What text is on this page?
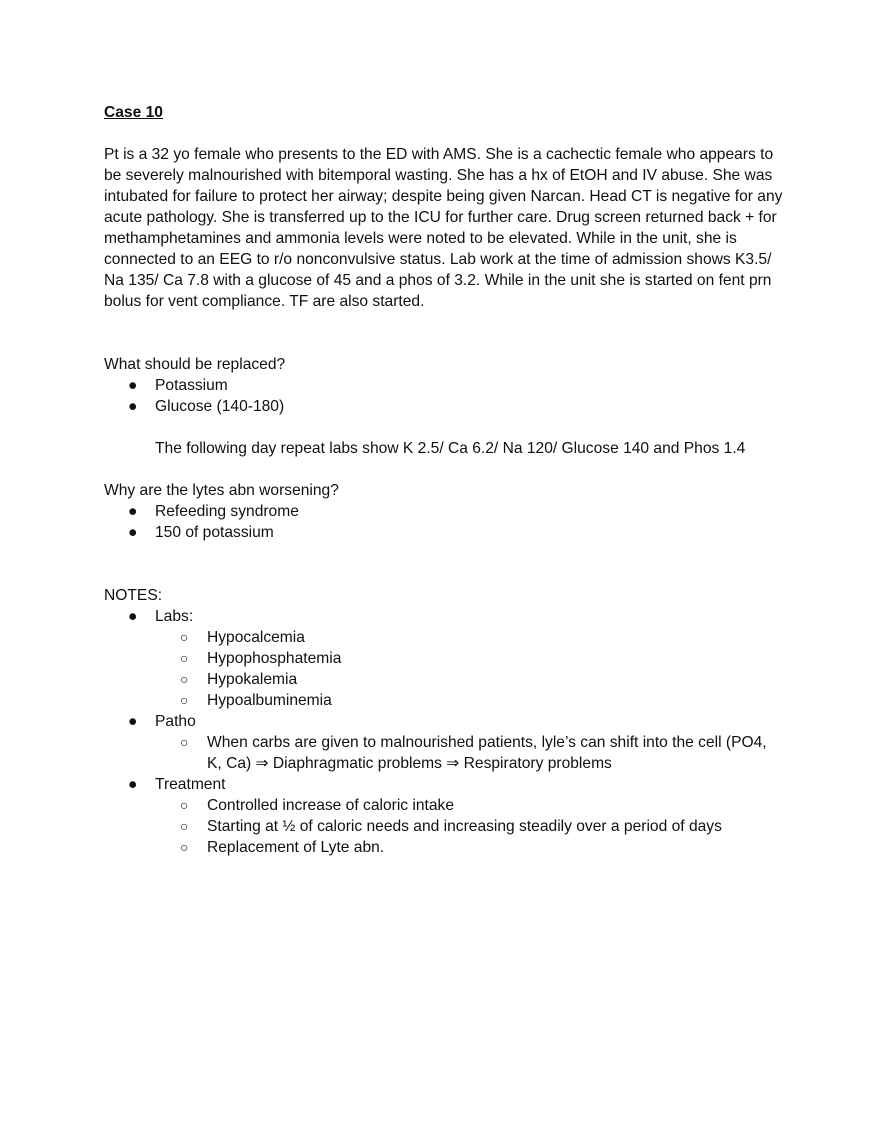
Case 10

Pt is a 32 yo female who presents to the ED with AMS. She is a cachectic female who appears to be severely malnourished with bitemporal wasting. She has a hx of EtOH and IV abuse. She was intubated for failure to protect her airway; despite being given Narcan. Head CT is negative for any acute pathology. She is transferred up to the ICU for further care. Drug screen returned back + for methamphetamines and ammonia levels were noted to be elevated. While in the unit, she is connected to an EEG to r/o nonconvulsive status. Lab work at the time of admission shows K3.5/ Na 135/ Ca 7.8 with a glucose of 45 and a phos of 3.2. While in the unit she is started on fent prn bolus for vent compliance. TF are also started.

What should be replaced?

● Potassium
● Glucose (140-180)

The following day repeat labs show K 2.5/ Ca 6.2/ Na 120/ Glucose 140 and Phos 1.4

Why are the lytes abn worsening?

● Refeeding syndrome
● 150 of potassium

NOTES:

● Labs:
○ Hypocalcemia
○ Hypophosphatemia
○ Hypokalemia
○ Hypoalbuminemia
● Patho
○ When carbs are given to malnourished patients, lyle’s can shift into the cell (PO4, K, Ca) ⇒ Diaphragmatic problems ⇒ Respiratory problems
● Treatment
○ Controlled increase of caloric intake
○ Starting at ½ of caloric needs and increasing steadily over a period of days
○ Replacement of Lyte abn.
